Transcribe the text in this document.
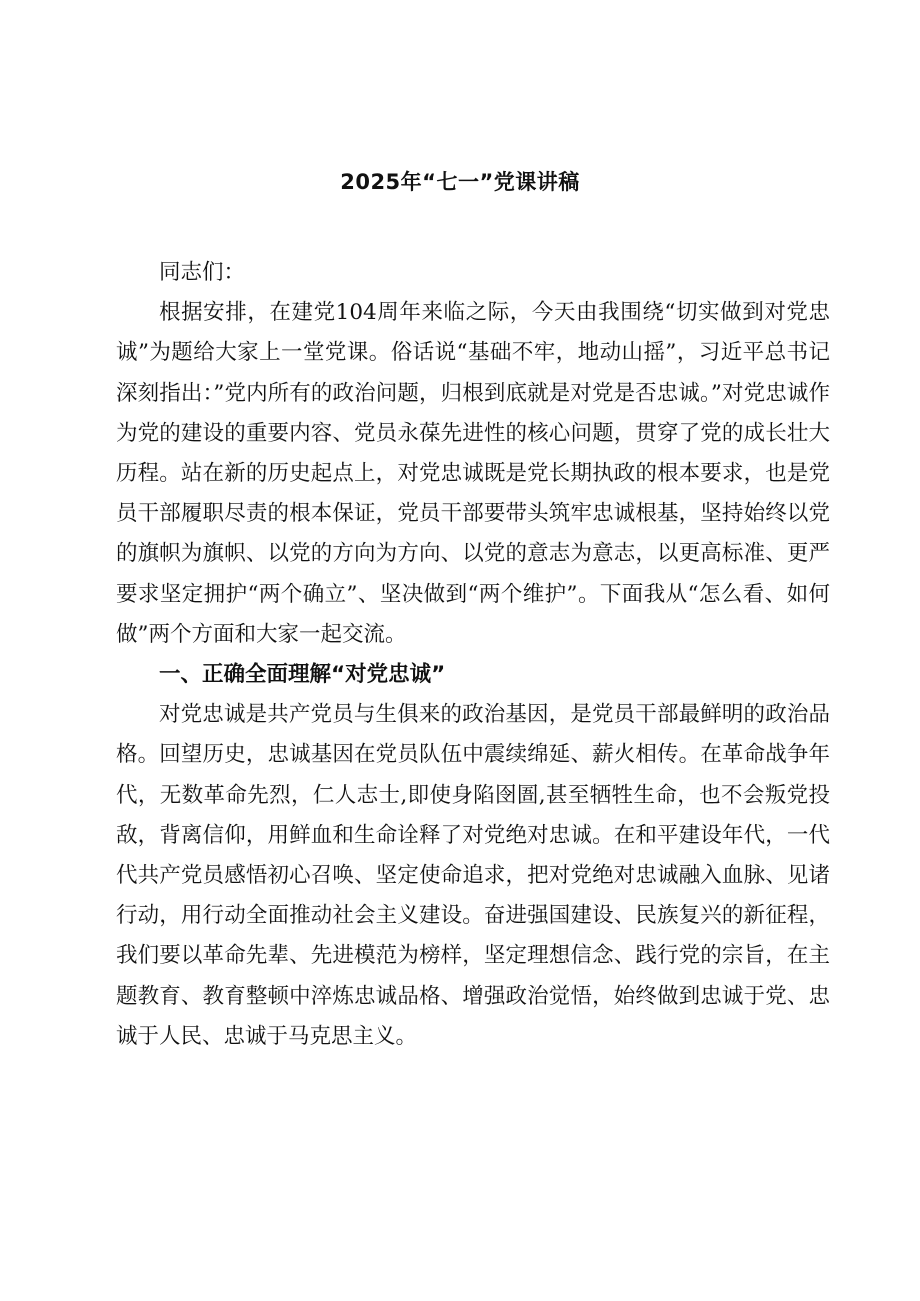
2025年“七一”党课讲稿

同志们：

根据安排，在建党104周年来临之际，今天由我围绕“切实做到对党忠诚”为题给大家上一堂党课。俗话说“基础不牢，地动山摇”，习近平总书记深刻指出：”党内所有的政治问题，归根到底就是对党是否忠诚。”对党忠诚作为党的建设的重要内容、党员永葆先进性的核心问题，贯穿了党的成长壮大历程。站在新的历史起点上，对党忠诚既是党长期执政的根本要求，也是党员干部履职尽责的根本保证，党员干部要带头筑牢忠诚根基，坚持始终以党的旗帜为旗帜、以党的方向为方向、以党的意志为意志，以更高标准、更严要求坚定拥护“两个确立”、坚决做到“两个维护”。下面我从“怎么看、如何做”两个方面和大家一起交流。

一、正确全面理解“对党忠诚”

对党忠诚是共产党员与生俱来的政治基因，是党员干部最鲜明的政治品格。回望历史，忠诚基因在党员队伍中震续绵延、薪火相传。在革命战争年代，无数革命先烈，仁人志士,即使身陷囹圄,甚至牺牲生命，也不会叛党投敌，背离信仰，用鲜血和生命诠释了对党绝对忠诚。在和平建设年代，一代代共产党员感悟初心召唤、坚定使命追求，把对党绝对忠诚融入血脉、见诸行动，用行动全面推动社会主义建设。奋进强国建设、民族复兴的新征程，我们要以革命先辈、先进模范为榜样，坚定理想信念、践行党的宗旨，在主题教育、教育整顿中淬炼忠诚品格、增强政治觉悟，始终做到忠诚于党、忠诚于人民、忠诚于马克思主义。
